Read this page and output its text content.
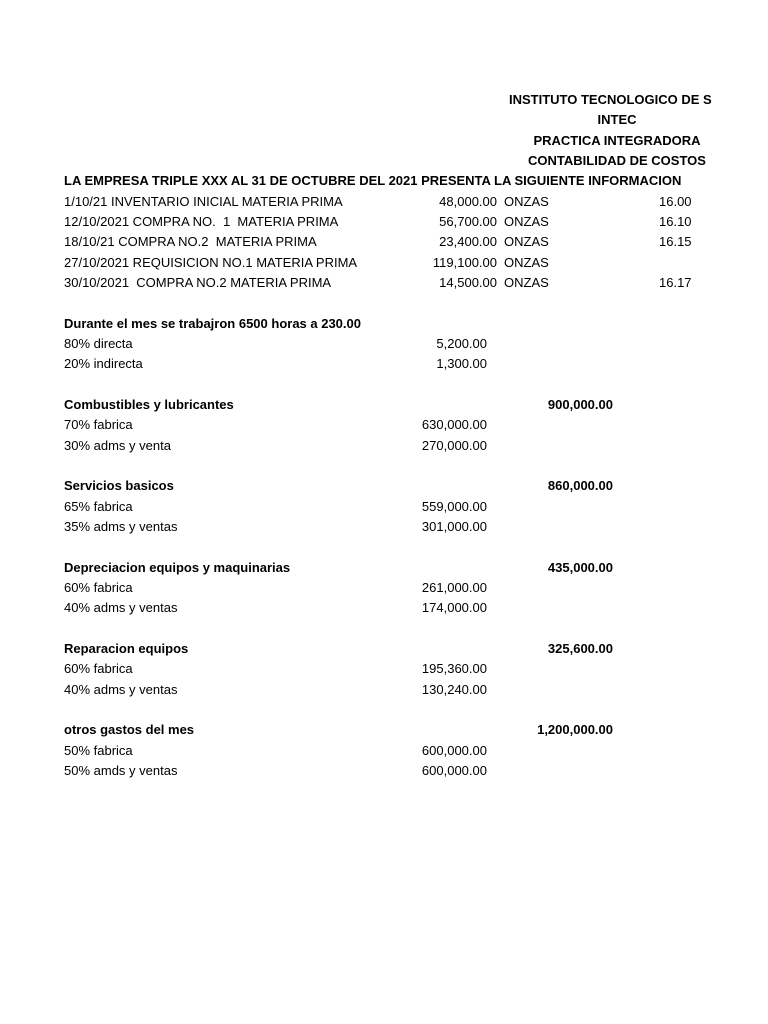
INSTITUTO TECNOLOGICO DE S
INTEC
PRACTICA INTEGRADORA
CONTABILIDAD DE COSTOS
LA EMPRESA TRIPLE XXX AL 31 DE OCTUBRE DEL 2021 PRESENTA LA SIGUIENTE INFORMACION
1/10/21 INVENTARIO INICIAL MATERIA PRIMA	48,000.00 ONZAS	16.00
12/10/2021 COMPRA NO.  1  MATERIA PRIMA	56,700.00 ONZAS	16.10
18/10/21 COMPRA NO.2  MATERIA PRIMA	23,400.00 ONZAS	16.15
27/10/2021 REQUISICION NO.1 MATERIA PRIMA	119,100.00 ONZAS
30/10/2021  COMPRA NO.2 MATERIA PRIMA	14,500.00 ONZAS	16.17
Durante el mes se trabajron 6500 horas a 230.00
80% directa	5,200.00
20% indirecta	1,300.00
Combustibles y lubricantes	900,000.00
70% fabrica	630,000.00
30% adms y venta	270,000.00
Servicios basicos	860,000.00
65% fabrica	559,000.00
35% adms y ventas	301,000.00
Depreciacion equipos y maquinarias	435,000.00
60% fabrica	261,000.00
40% adms y ventas	174,000.00
Reparacion equipos	325,600.00
60% fabrica	195,360.00
40% adms y ventas	130,240.00
otros gastos del mes	1,200,000.00
50% fabrica	600,000.00
50% amds y ventas	600,000.00
